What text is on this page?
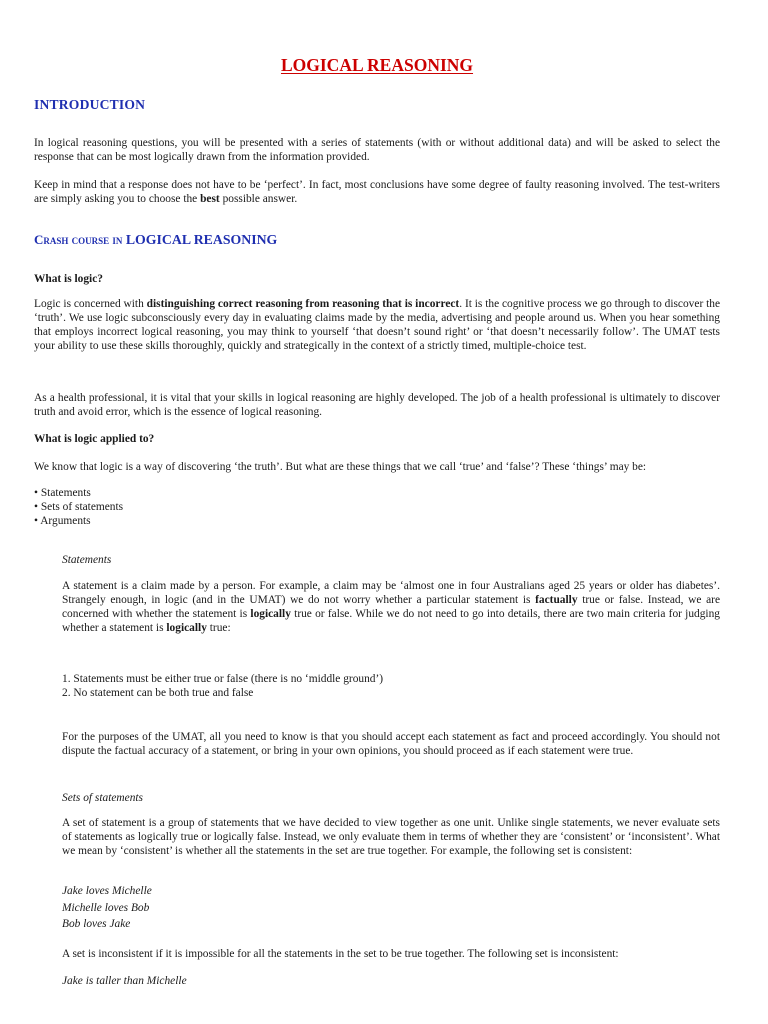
LOGICAL REASONING
INTRODUCTION

In logical reasoning questions, you will be presented with a series of statements (with or without additional data) and will be asked to select the response that can be most logically drawn from the information provided.

Keep in mind that a response does not have to be ‘perfect’. In fact, most conclusions have some degree of faulty reasoning involved. The test-writers are simply asking you to choose the best possible answer.

Crash course in LOGICAL REASONING

What is logic?

Logic is concerned with distinguishing correct reasoning from reasoning that is incorrect. It is the cognitive process we go through to discover the ‘truth’. We use logic subconsciously every day in evaluating claims made by the media, advertising and people around us. When you hear something that employs incorrect logical reasoning, you may think to yourself ‘that doesn’t sound right’ or ‘that doesn’t necessarily follow’. The UMAT tests your ability to use these skills thoroughly, quickly and strategically in the context of a strictly timed, multiple-choice test.

As a health professional, it is vital that your skills in logical reasoning are highly developed. The job of a health professional is ultimately to discover truth and avoid error, which is the essence of logical reasoning.

What is logic applied to?

We know that logic is a way of discovering ‘the truth’. But what are these things that we call ‘true’ and ‘false’? These ‘things’ may be:

• Statements
• Sets of statements
• Arguments

Statements

A statement is a claim made by a person. For example, a claim may be ‘almost one in four Australians aged 25 years or older has diabetes’. Strangely enough, in logic (and in the UMAT) we do not worry whether a particular statement is factually true or false. Instead, we are concerned with whether the statement is logically true or false. While we do not need to go into details, there are two main criteria for judging whether a statement is logically true:

1. Statements must be either true or false (there is no ‘middle ground’)
2. No statement can be both true and false

For the purposes of the UMAT, all you need to know is that you should accept each statement as fact and proceed accordingly. You should not dispute the factual accuracy of a statement, or bring in your own opinions, you should proceed as if each statement were true.

Sets of statements

A set of statement is a group of statements that we have decided to view together as one unit. Unlike single statements, we never evaluate sets of statements as logically true or logically false. Instead, we only evaluate them in terms of whether they are ‘consistent’ or ‘inconsistent’. What we mean by ‘consistent’ is whether all the statements in the set are true together. For example, the following set is consistent:

Jake loves Michelle
Michelle loves Bob
Bob loves Jake

A set is inconsistent if it is impossible for all the statements in the set to be true together. The following set is inconsistent:

Jake is taller than Michelle
